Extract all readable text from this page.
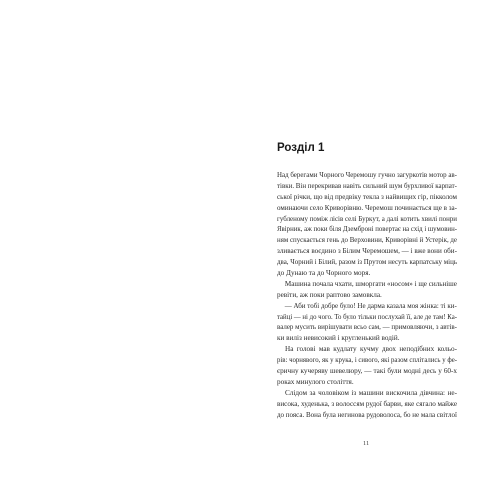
Розділ 1
Над берегами Чорного Черемошу гучно загуркотів мотор ав-
тівки. Він перекривав навіть сильний шум бурхливої карпат-
ської річки, що від предвіку текла з найвищих гір, пікколом
оминаючи село Криворівню. Черемош починається ще в за-
губленому поміж лісів селі Буркут, а далі котить хвилі понри
Явірник, аж поки біля Дземброні повертає на схід і шумовин-
ням спускається гень до Верховини, Криворівні й Устерік, де
зливається воєдино з Білим Черемошем, — і вже вони оби-
два, Чорний і Білий, разом із Прутом несуть карпатську міць
до Дунаю та до Чорного моря.
Машина почала чхати, шморгати «носом» і ще сильніше
ревіти, аж поки раптово замовкла.
— Аби тобі добре було! Не дарма казала моя жінка: ті ки-
тайці — ні до чого. То було тільки послухай її, але де там! Ка-
валер мусить вирішувати всьо сам, — примовляючи, з автів-
ки виліз невисокий і кругленький водій.
На голові мав кудлату кучму двох неподібних кольо-
рів: чорнявого, як у крука, і сивого, які разом сплітались у фе-
єричну кучеряву шевелюру, — такі були модні десь у 60-х
роках минулого століття.
Слідом за чоловіком із машини вискочила дівчина: не-
висока, худенька, з волоссям рудої барви, яке сягало майже
до пояса. Вона була негинова рудоволоса, бо не мала світлої
11
